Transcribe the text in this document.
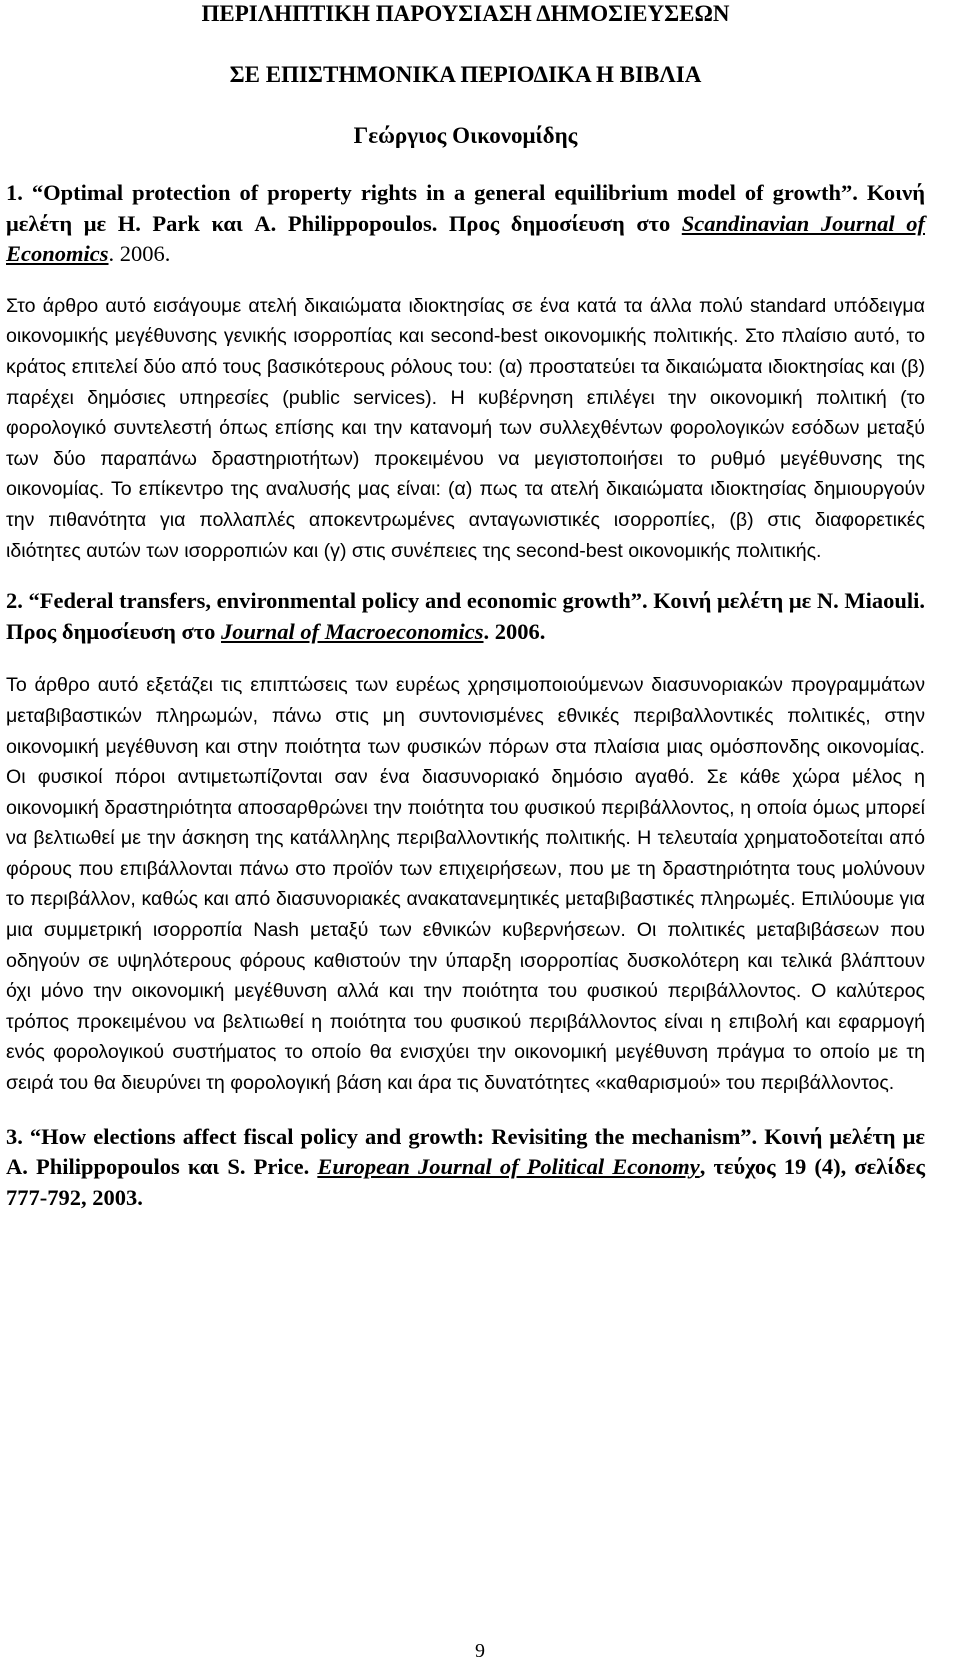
ΠΕΡΙΛΗΠΤΙΚΗ ΠΑΡΟΥΣΙΑΣΗ ΔΗΜΟΣΙΕΥΣΕΩΝ

ΣΕ ΕΠΙΣΤΗΜΟΝΙΚΑ ΠΕΡΙΟΔΙΚΑ Η ΒΙΒΛΙΑ

Γεώργιος Οικονομίδης

1. “Optimal protection of property rights in a general equilibrium model of growth”. Κοινή μελέτη με H. Park και A. Philippopoulos. Προς δημοσίευση στο Scandinavian Journal of Economics. 2006.

Στο άρθρο αυτό εισάγουμε ατελή δικαιώματα ιδιοκτησίας σε ένα κατά τα άλλα πολύ standard υπόδειγμα οικονομικής μεγέθυνσης γενικής ισορροπίας και second-best οικονομικής πολιτικής. Στο πλαίσιο αυτό, το κράτος επιτελεί δύο από τους βασικότερους ρόλους του: (α) προστατεύει τα δικαιώματα ιδιοκτησίας και (β) παρέχει δημόσιες υπηρεσίες (public services). Η κυβέρνηση επιλέγει την οικονομική πολιτική (το φορολογικό συντελεστή όπως επίσης και την κατανομή των συλλεχθέντων φορολογικών εσόδων μεταξύ των δύο παραπάνω δραστηριοτήτων) προκειμένου να μεγιστοποιήσει το ρυθμό μεγέθυνσης της οικονομίας. Το επίκεντρο της αναλυσής μας είναι: (α) πως τα ατελή δικαιώματα ιδιοκτησίας δημιουργούν την πιθανότητα για πολλαπλές αποκεντρωμένες ανταγωνιστικές ισορροπίες, (β) στις διαφορετικές ιδιότητες αυτών των ισορροπιών και (γ) στις συνέπειες της second-best οικονομικής πολιτικής.

2. “Federal transfers, environmental policy and economic growth”. Κοινή μελέτη με N. Miaouli. Προς δημοσίευση στο Journal of Macroeconomics. 2006.

Το άρθρο αυτό εξετάζει τις επιπτώσεις των ευρέως χρησιμοποιούμενων διασυνοριακών προγραμμάτων μεταβιβαστικών πληρωμών, πάνω στις μη συντονισμένες εθνικές περιβαλλοντικές πολιτικές, στην οικονομική μεγέθυνση και στην ποιότητα των φυσικών πόρων στα πλαίσια μιας ομόσπονδης οικονομίας. Οι φυσικοί πόροι αντιμετωπίζονται σαν ένα διασυνοριακό δημόσιο αγαθό. Σε κάθε χώρα μέλος η οικονομική δραστηριότητα αποσαρθρώνει την ποιότητα του φυσικού περιβάλλοντος, η οποία όμως μπορεί να βελτιωθεί με την άσκηση της κατάλληλης περιβαλλοντικής πολιτικής. Η τελευταία χρηματοδοτείται από φόρους που επιβάλλονται πάνω στο προϊόν των επιχειρήσεων, που με τη δραστηριότητα τους μολύνουν το περιβάλλον, καθώς και από διασυνοριακές ανακατανεμητικές μεταβιβαστικές πληρωμές. Επιλύουμε για μια συμμετρική ισορροπία Nash μεταξύ των εθνικών κυβερνήσεων. Οι πολιτικές μεταβιβάσεων που οδηγούν σε υψηλότερους φόρους καθιστούν την ύπαρξη ισορροπίας δυσκολότερη και τελικά βλάπτουν όχι μόνο την οικονομική μεγέθυνση αλλά και την ποιότητα του φυσικού περιβάλλοντος. Ο καλύτερος τρόπος προκειμένου να βελτιωθεί η ποιότητα του φυσικού περιβάλλοντος είναι η επιβολή και εφαρμογή ενός φορολογικού συστήματος το οποίο θα ενισχύει την οικονομική μεγέθυνση πράγμα το οποίο με τη σειρά του θα διευρύνει τη φορολογική βάση και άρα τις δυνατότητες «καθαρισμού» του περιβάλλοντος.

3. “How elections affect fiscal policy and growth: Revisiting the mechanism”. Κοινή μελέτη με A. Philippopoulos και S. Price. European Journal of Political Economy, τεύχος 19 (4), σελίδες 777-792, 2003.

9
